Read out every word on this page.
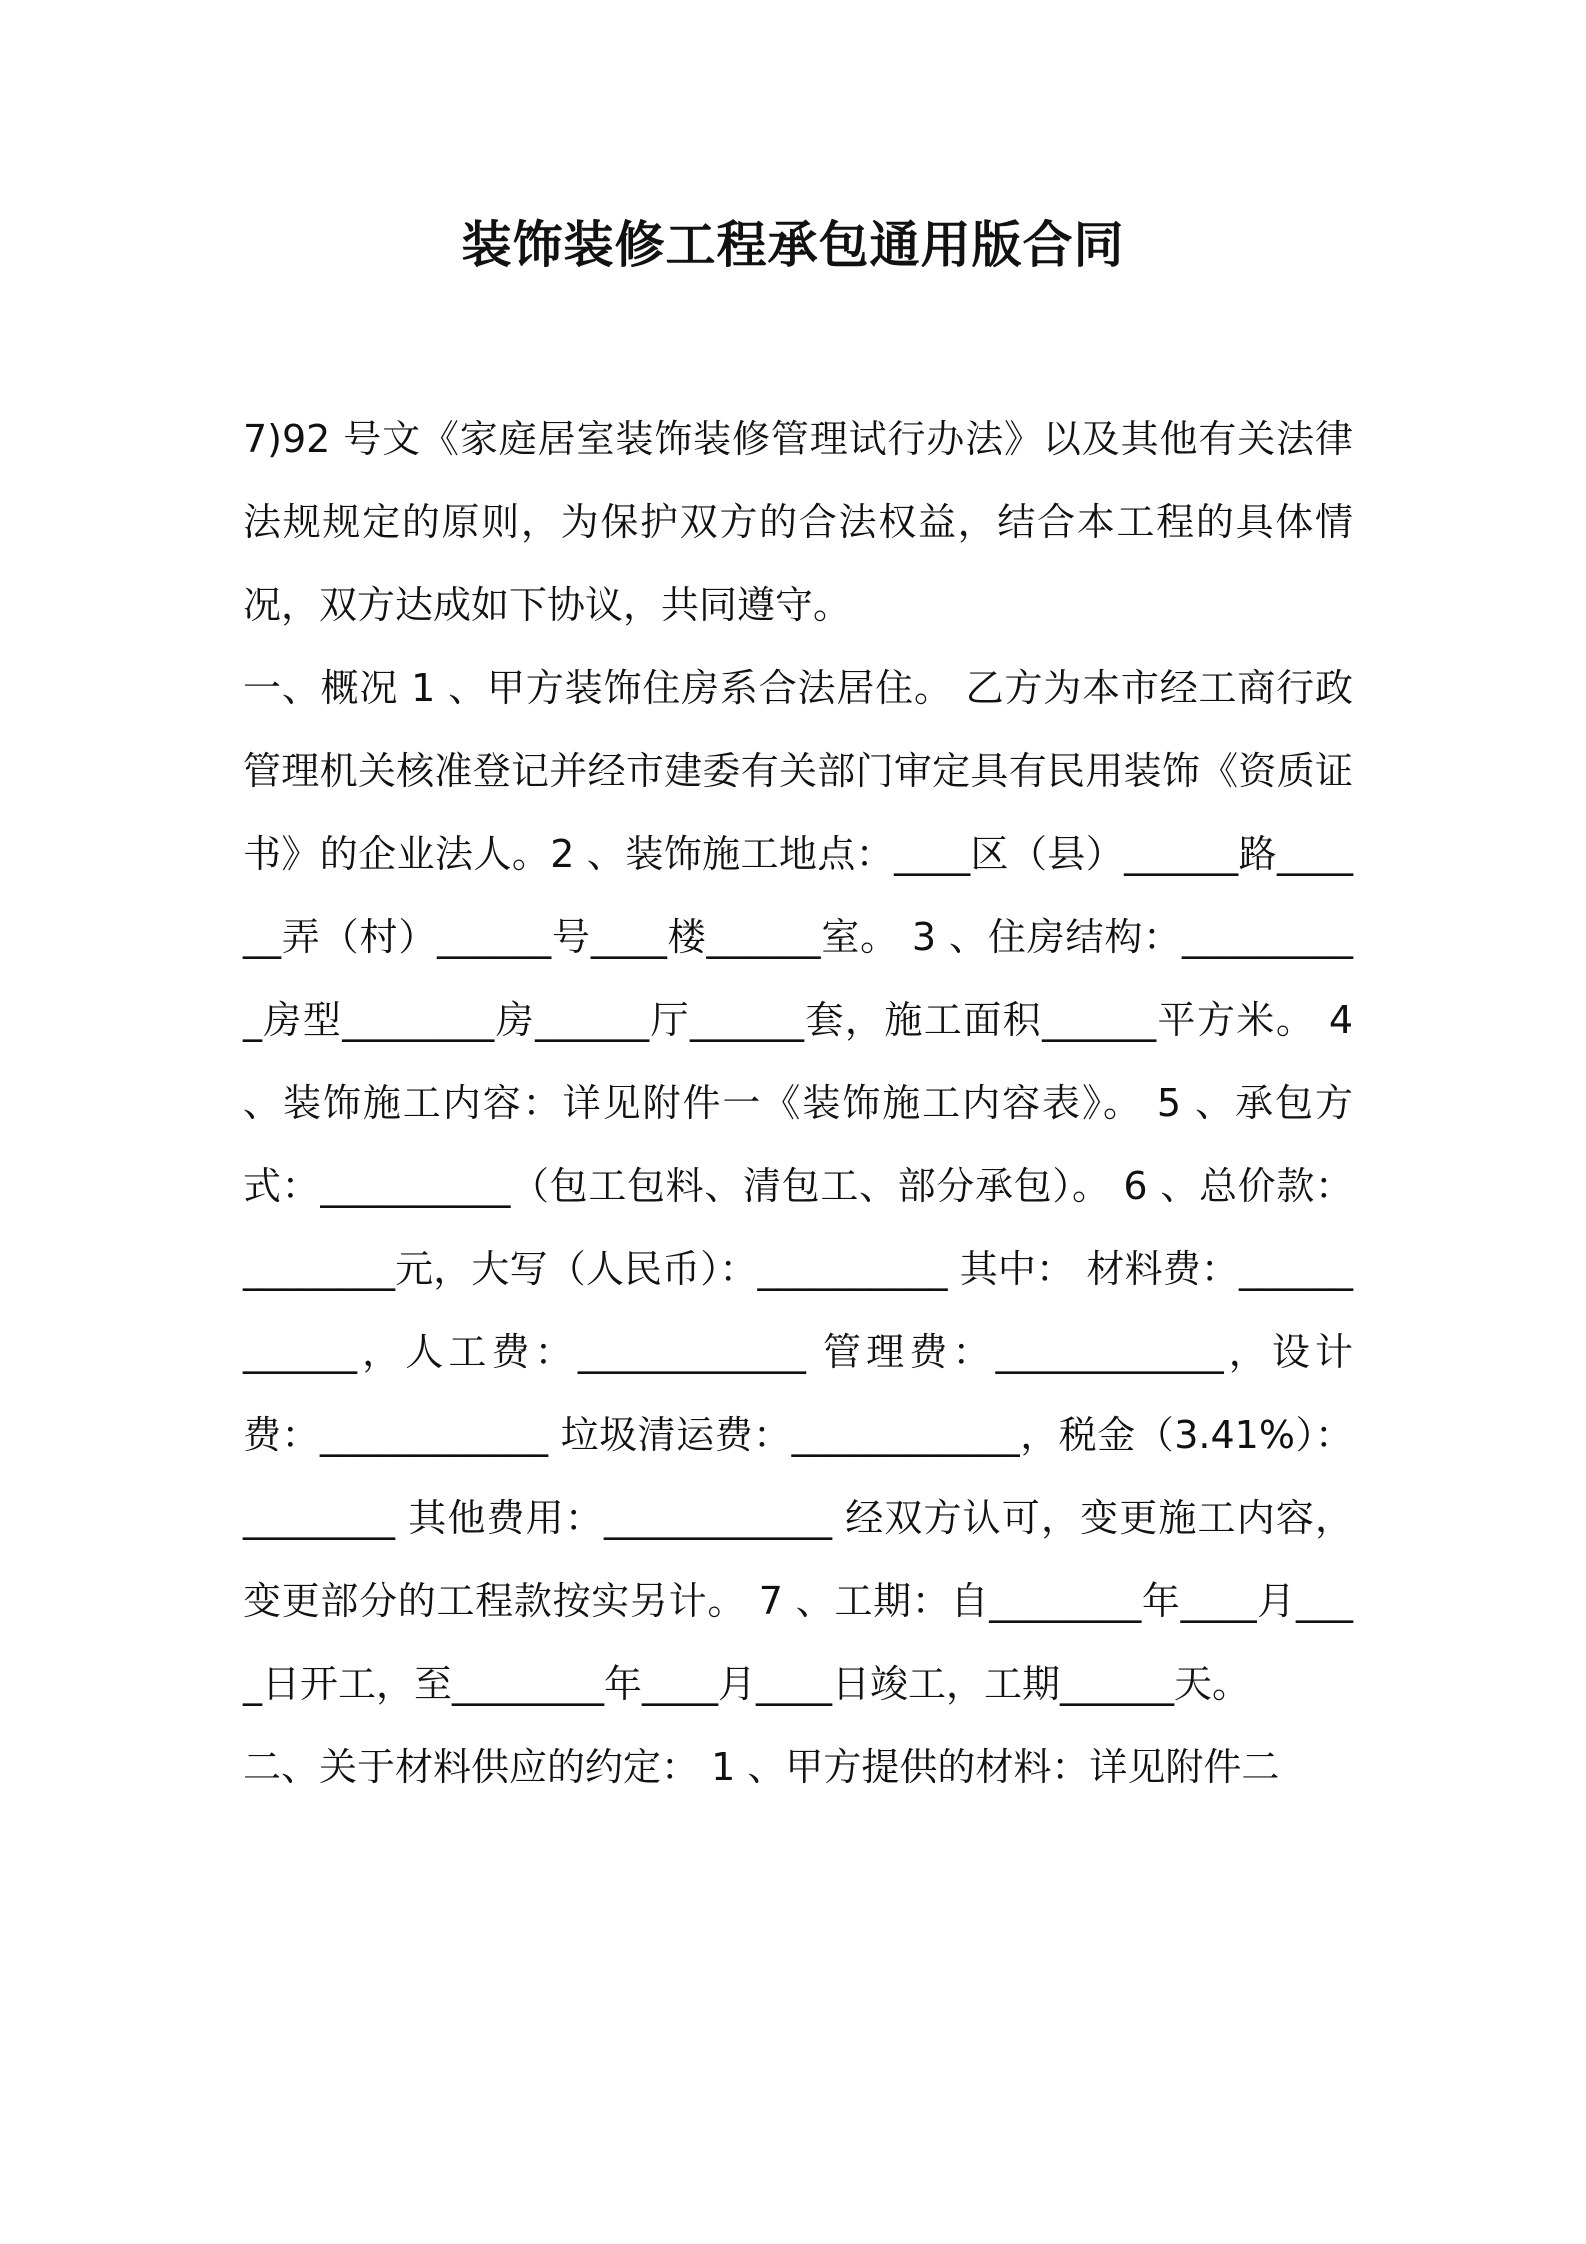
装饰装修工程承包通用版合同

7)92 号文《家庭居室装饰装修管理试行办法》以及其他有关法律法规规定的原则，为保护双方的合法权益，结合本工程的具体情况，双方达成如下协议，共同遵守。

一、概况 1 、甲方装饰住房系合法居住。 乙方为本市经工商行政管理机关核准登记并经市建委有关部门审定具有民用装饰《资质证书》的企业法人。2 、装饰施工地点：____区（县）______路______弄（村）______号____楼______室。 3 、住房结构：__________房型________房______厅______套，施工面积______平方米。 4 、装饰施工内容：详见附件一《装饰施工内容表》。 5 、承包方式：__________（包工包料、清包工、部分承包）。 6 、总价款：________元，大写（人民币）：__________ 其中： 材料费：____________，人工费：____________ 管理费：____________，设计费：____________ 垃圾清运费：____________，税金（3.41%）：________ 其他费用：____________ 经双方认可，变更施工内容，变更部分的工程款按实另计。 7 、工期：自________年____月____日开工，至________年____月____日竣工，工期______天。

二、关于材料供应的约定： 1 、甲方提供的材料：详见附件二
